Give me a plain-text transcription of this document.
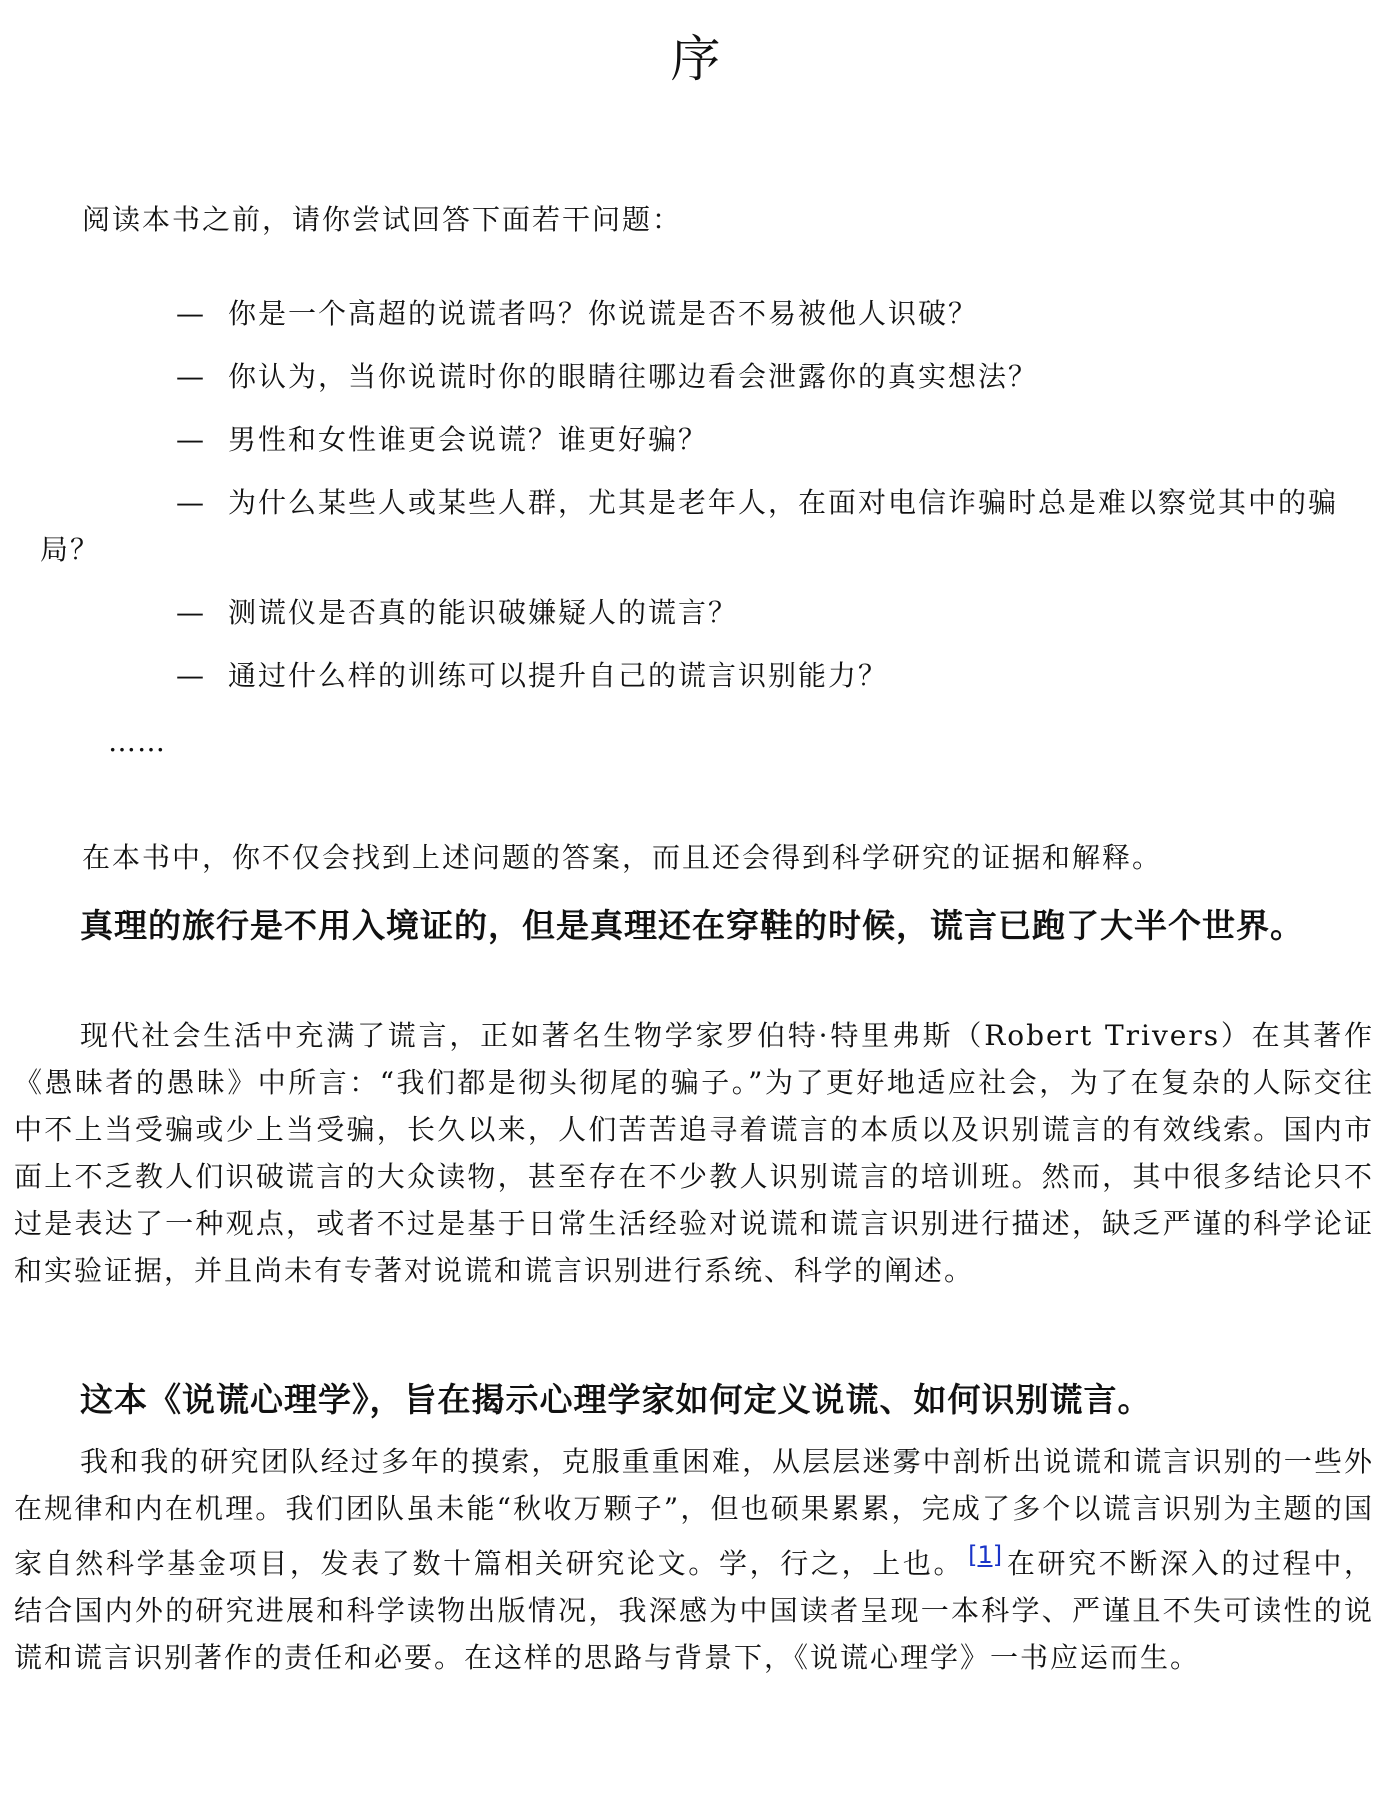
序

阅读本书之前，请你尝试回答下面若干问题：

— 你是一个高超的说谎者吗？你说谎是否不易被他人识破？
— 你认为，当你说谎时你的眼睛往哪边看会泄露你的真实想法？
— 男性和女性谁更会说谎？谁更好骗？
— 为什么某些人或某些人群，尤其是老年人，在面对电信诈骗时总是难以察觉其中的骗局？
— 测谎仪是否真的能识破嫌疑人的谎言？
— 通过什么样的训练可以提升自己的谎言识别能力？

……

在本书中，你不仅会找到上述问题的答案，而且还会得到科学研究的证据和解释。

真理的旅行是不用入境证的，但是真理还在穿鞋的时候，谎言已跑了大半个世界。

现代社会生活中充满了谎言，正如著名生物学家罗伯特·特里弗斯（Robert Trivers）在其著作《愚昧者的愚昧》中所言：“我们都是彻头彻尾的骗子。”为了更好地适应社会，为了在复杂的人际交往中不上当受骗或少上当受骗，长久以来，人们苦苦追寻着谎言的本质以及识别谎言的有效线索。国内市面上不乏教人们识破谎言的大众读物，甚至存在不少教人识别谎言的培训班。然而，其中很多结论只不过是表达了一种观点，或者不过是基于日常生活经验对说谎和谎言识别进行描述，缺乏严谨的科学论证和实验证据，并且尚未有专著对说谎和谎言识别进行系统、科学的阐述。

这本《说谎心理学》，旨在揭示心理学家如何定义说谎、如何识别谎言。

我和我的研究团队经过多年的摸索，克服重重困难，从层层迷雾中剖析出说谎和谎言识别的一些外在规律和内在机理。我们团队虽未能“秋收万颗子”，但也硕果累累，完成了多个以谎言识别为主题的国家自然科学基金项目，发表了数十篇相关研究论文。学，行之，上也。 [1] 在研究不断深入的过程中，结合国内外的研究进展和科学读物出版情况，我深感为中国读者呈现一本科学、严谨且不失可读性的说谎和谎言识别著作的责任和必要。在这样的思路与背景下，《说谎心理学》一书应运而生。
